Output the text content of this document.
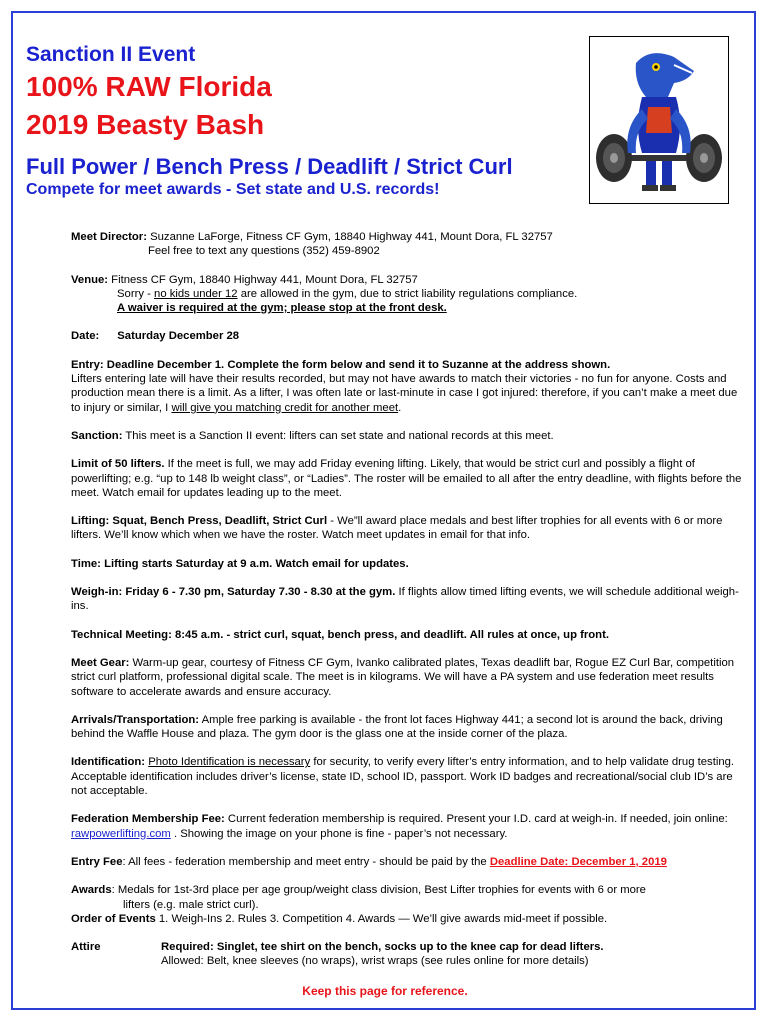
Sanction II Event
100% RAW Florida
2019 Beasty Bash
Full Power / Bench Press / Deadlift / Strict Curl
Compete for meet awards - Set state and U.S. records!
Meet Director: Suzanne LaForge, Fitness CF Gym, 18840 Highway 441, Mount Dora, FL 32757
Feel free to text any questions (352) 459-8902
Venue: Fitness CF Gym, 18840 Highway 441, Mount Dora, FL 32757
Sorry - no kids under 12 are allowed in the gym, due to strict liability regulations compliance.
A waiver is required at the gym; please stop at the front desk.
Date: Saturday December 28
Entry: Deadline December 1. Complete the form below and send it to Suzanne at the address shown.
Lifters entering late will have their results recorded, but may not have awards to match their victories - no fun for anyone. Costs and production mean there is a limit. As a lifter, I was often late or last-minute in case I got injured: therefore, if you can’t make a meet due to injury or similar, I will give you matching credit for another meet.
Sanction: This meet is a Sanction II event: lifters can set state and national records at this meet.
Limit of 50 lifters. If the meet is full, we may add Friday evening lifting. Likely, that would be strict curl and possibly a flight of powerlifting; e.g. “up to 148 lb weight class”, or “Ladies”. The roster will be emailed to all after the entry deadline, with flights before the meet. Watch email for updates leading up to the meet.
Lifting: Squat, Bench Press, Deadlift, Strict Curl - We”ll award place medals and best lifter trophies for all events with 6 or more lifters. We’ll know which when we have the roster. Watch meet updates in email for that info.
Time: Lifting starts Saturday at 9 a.m. Watch email for updates.
Weigh-in: Friday 6 - 7.30 pm, Saturday 7.30 - 8.30 at the gym. If flights allow timed lifting events, we will schedule additional weigh-ins.
Technical Meeting: 8:45 a.m. - strict curl, squat, bench press, and deadlift. All rules at once, up front.
Meet Gear: Warm-up gear, courtesy of Fitness CF Gym, Ivanko calibrated plates, Texas deadlift bar, Rogue EZ Curl Bar, competition strict curl platform, professional digital scale. The meet is in kilograms. We will have a PA system and use federation meet results software to accelerate awards and ensure accuracy.
Arrivals/Transportation: Ample free parking is available - the front lot faces Highway 441; a second lot is around the back, driving behind the Waffle House and plaza. The gym door is the glass one at the inside corner of the plaza.
Identification: Photo Identification is necessary for security, to verify every lifter’s entry information, and to help validate drug testing. Acceptable identification includes driver’s license, state ID, school ID, passport. Work ID badges and recreational/social club ID’s are not acceptable.
Federation Membership Fee: Current federation membership is required. Present your I.D. card at weigh-in. If needed, join online: rawpowerlifting.com . Showing the image on your phone is fine - paper’s not necessary.
Entry Fee: All fees - federation membership and meet entry - should be paid by the Deadline Date: December 1, 2019
Awards: Medals for 1st-3rd place per age group/weight class division, Best Lifter trophies for events with 6 or more
lifters (e.g. male strict curl).
Order of Events 1. Weigh-Ins 2. Rules 3. Competition 4. Awards — We’ll give awards mid-meet if possible.
Attire	Required: Singlet, tee shirt on the bench, socks up to the knee cap for dead lifters.
Allowed: Belt, knee sleeves (no wraps), wrist wraps (see rules online for more details)
Keep this page for reference.
